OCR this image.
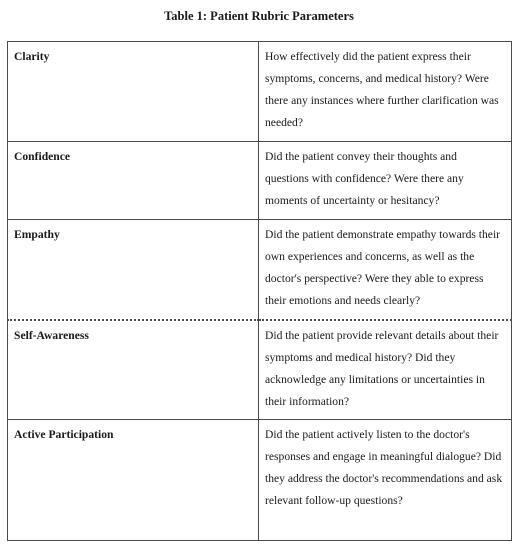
Table 1: Patient Rubric Parameters
Clarity	How effectively did the patient express their symptoms, concerns, and medical history? Were there any instances where further clarification was needed?
Confidence	Did the patient convey their thoughts and questions with confidence? Were there any moments of uncertainty or hesitancy?
Empathy	Did the patient demonstrate empathy towards their own experiences and concerns, as well as the doctor's perspective? Were they able to express their emotions and needs clearly?
Self-Awareness	Did the patient provide relevant details about their symptoms and medical history? Did they acknowledge any limitations or uncertainties in their information?
Active Participation	Did the patient actively listen to the doctor's responses and engage in meaningful dialogue? Did they address the doctor's recommendations and ask relevant follow-up questions?
